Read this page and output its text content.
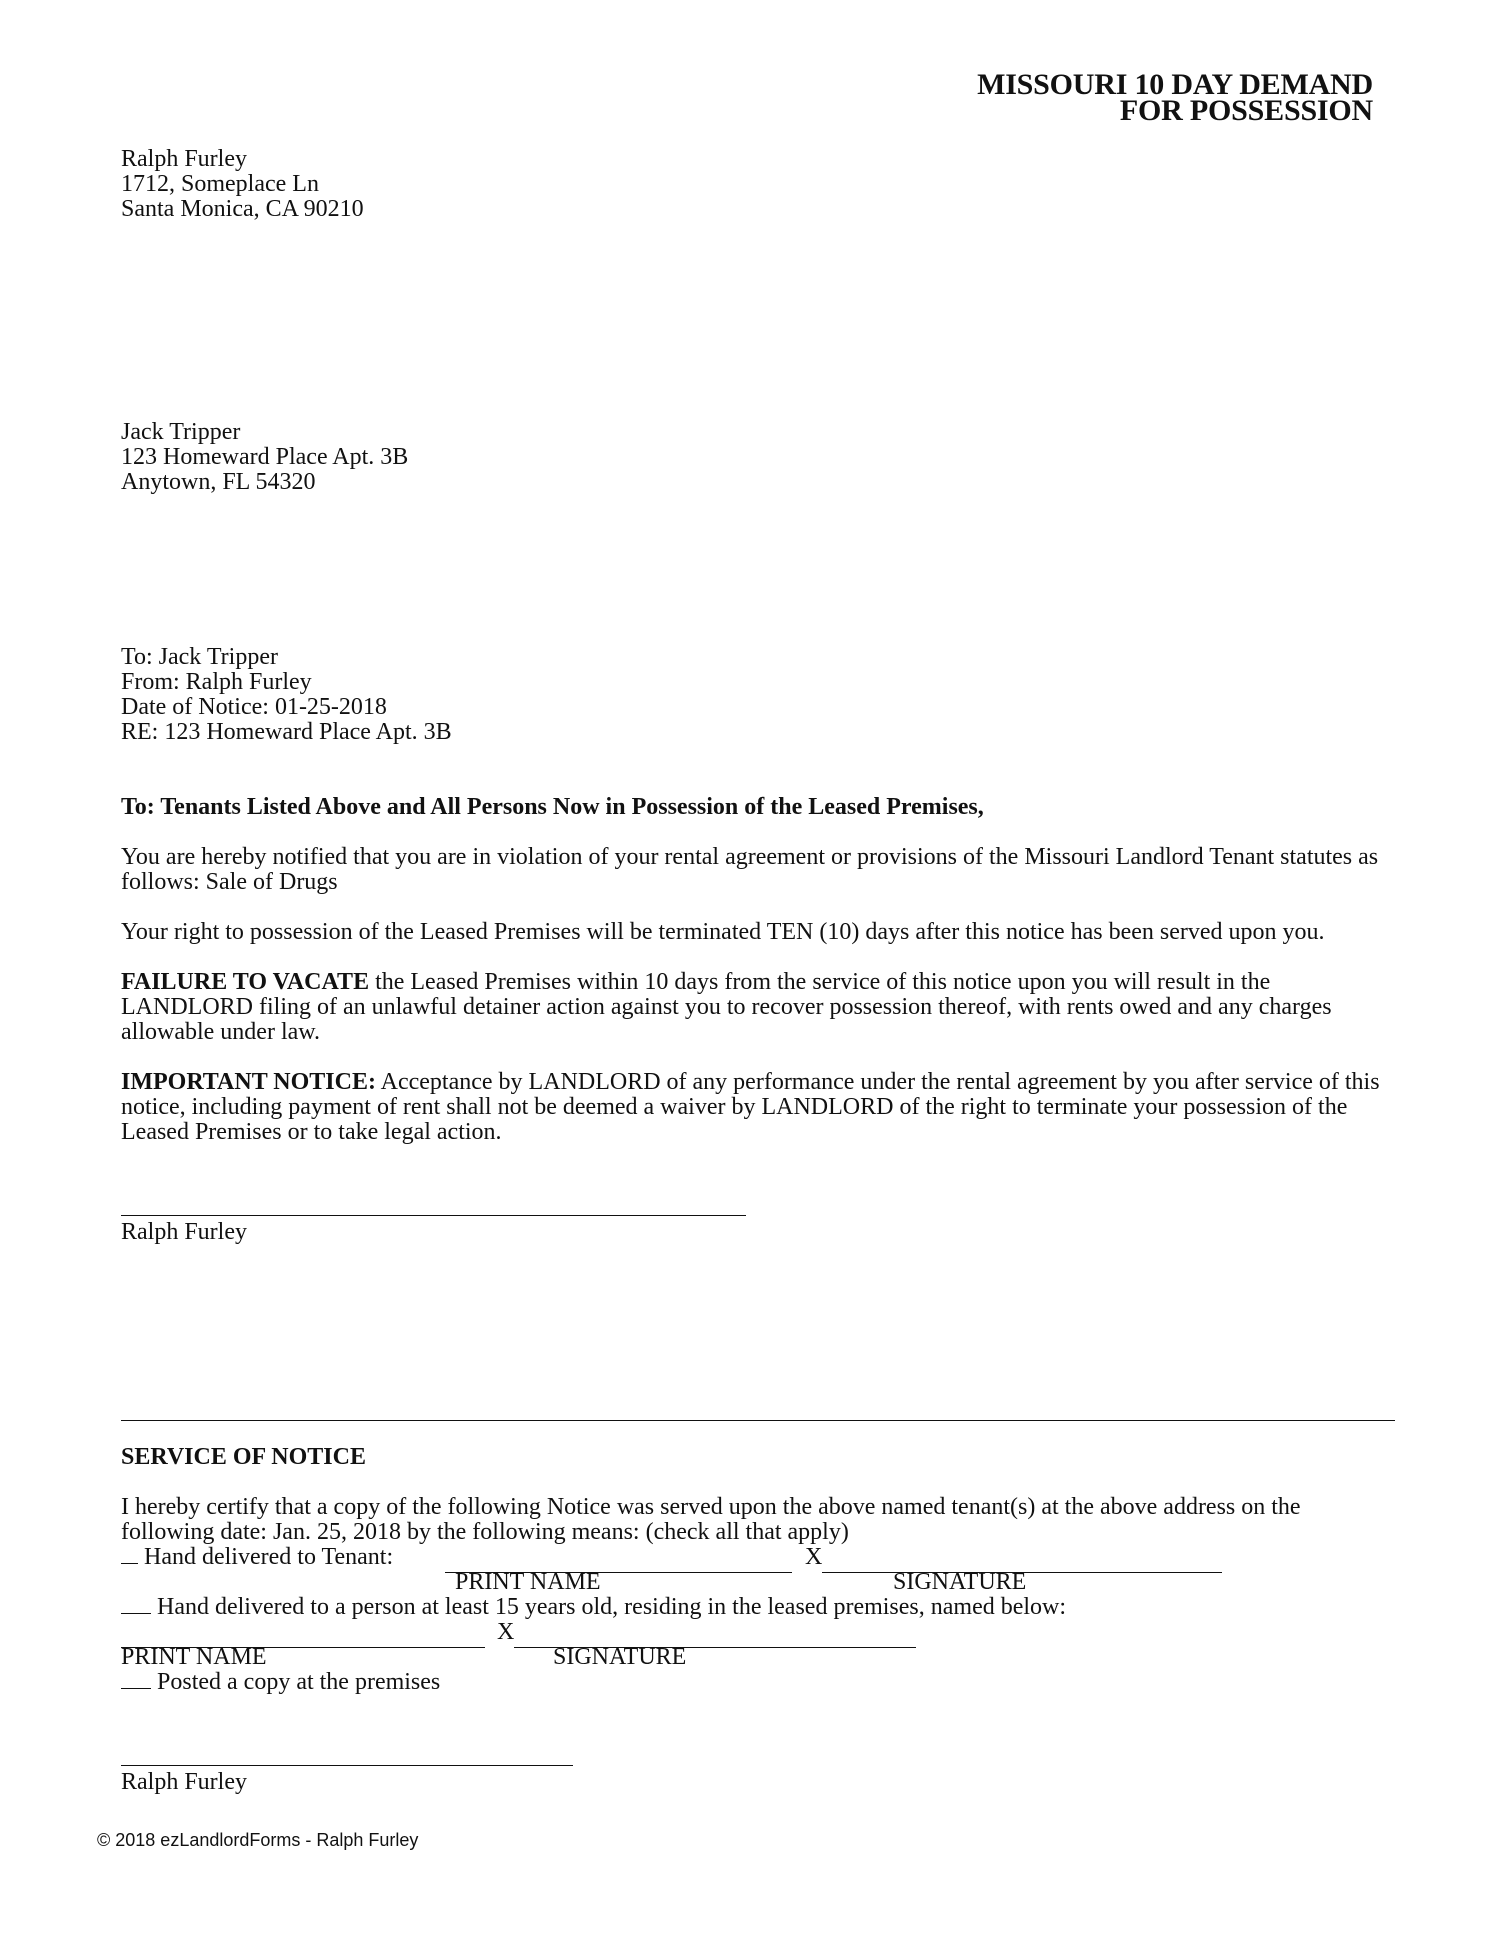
MISSOURI 10 DAY DEMAND
FOR POSSESSION
Ralph Furley
1712, Someplace Ln
Santa Monica, CA 90210
Jack Tripper
123 Homeward Place Apt. 3B
Anytown, FL 54320
To: Jack Tripper
From: Ralph Furley
Date of Notice: 01-25-2018
RE: 123 Homeward Place Apt. 3B
To: Tenants Listed Above and All Persons Now in Possession of the Leased Premises,

You are hereby notified that you are in violation of your rental agreement or provisions of the Missouri Landlord Tenant statutes as follows: Sale of Drugs

Your right to possession of the Leased Premises will be terminated TEN (10) days after this notice has been served upon you.

FAILURE TO VACATE the Leased Premises within 10 days from the service of this notice upon you will result in the LANDLORD filing of an unlawful detainer action against you to recover possession thereof, with rents owed and any charges allowable under law.

IMPORTANT NOTICE: Acceptance by LANDLORD of any performance under the rental agreement by you after service of this notice, including payment of rent shall not be deemed a waiver by LANDLORD of the right to terminate your possession of the Leased Premises or to take legal action.

Ralph Furley
SERVICE OF NOTICE

I hereby certify that a copy of the following Notice was served upon the above named tenant(s) at the above address on the following date: Jan. 25, 2018 by the following means: (check all that apply)

Hand delivered to Tenant:	X
PRINT NAME	SIGNATURE
Hand delivered to a person at least 15 years old, residing in the leased premises, named below:
X
PRINT NAME	SIGNATURE
Posted a copy at the premises
Ralph Furley
© 2018 ezLandlordForms - Ralph Furley
